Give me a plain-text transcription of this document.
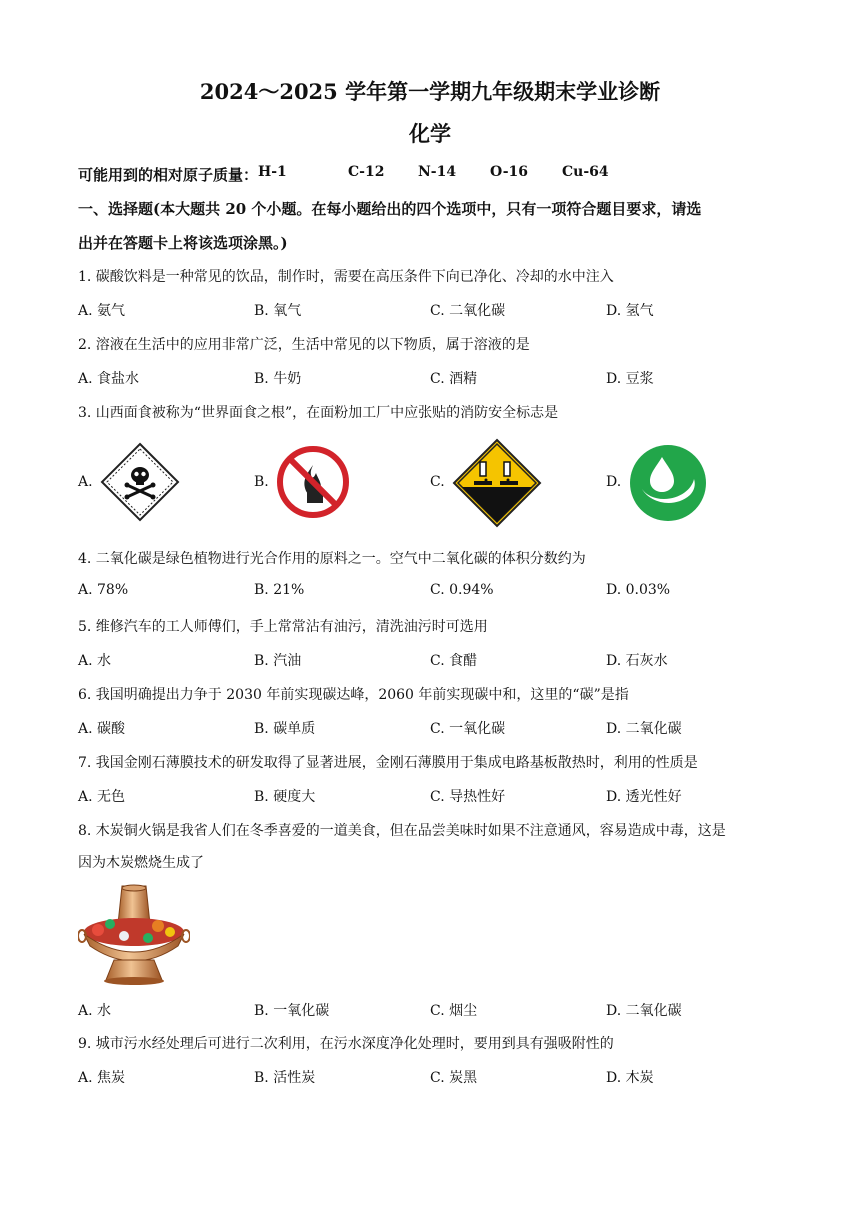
2024～2025 学年第一学期九年级期末学业诊断
化学
可能用到的相对原子质量： H-1	C-12 N-14 O-16 Cu-64
一、选择题(本大题共 20 个小题。在每小题给出的四个选项中，只有一项符合题目要求，请选
出并在答题卡上将该选项涂黑。)
1. 碳酸饮料是一种常见的饮品，制作时，需要在高压条件下向已净化、冷却的水中注入
A. 氨气	B. 氧气	C. 二氧化碳	D. 氢气
2. 溶液在生活中的应用非常广泛，生活中常见的以下物质，属于溶液的是
A. 食盐水	B. 牛奶	C. 酒精	D. 豆浆
3. 山西面食被称为“世界面食之根”，在面粉加工厂中应张贴的消防安全标志是
A.	B.	C.	D.
4. 二氧化碳是绿色植物进行光合作用的原料之一。空气中二氧化碳的体积分数约为
A. 78%	B. 21%	C. 0.94%	D. 0.03%
5. 维修汽车的工人师傅们，手上常常沾有油污，清洗油污时可选用
A. 水	B. 汽油	C. 食醋	D. 石灰水
6. 我国明确提出力争于 2030 年前实现碳达峰，2060 年前实现碳中和，这里的“碳”是指
A. 碳酸	B. 碳单质	C. 一氧化碳	D. 二氧化碳
7. 我国金刚石薄膜技术的研发取得了显著进展，金刚石薄膜用于集成电路基板散热时，利用的性质是
A. 无色	B. 硬度大	C. 导热性好	D. 透光性好
8. 木炭铜火锅是我省人们在冬季喜爱的一道美食，但在品尝美味时如果不注意通风，容易造成中毒，这是
因为木炭燃烧生成了
A. 水	B. 一氧化碳	C. 烟尘	D. 二氧化碳
9. 城市污水经处理后可进行二次利用，在污水深度净化处理时，要用到具有强吸附性的
A. 焦炭	B. 活性炭	C. 炭黑	D. 木炭
